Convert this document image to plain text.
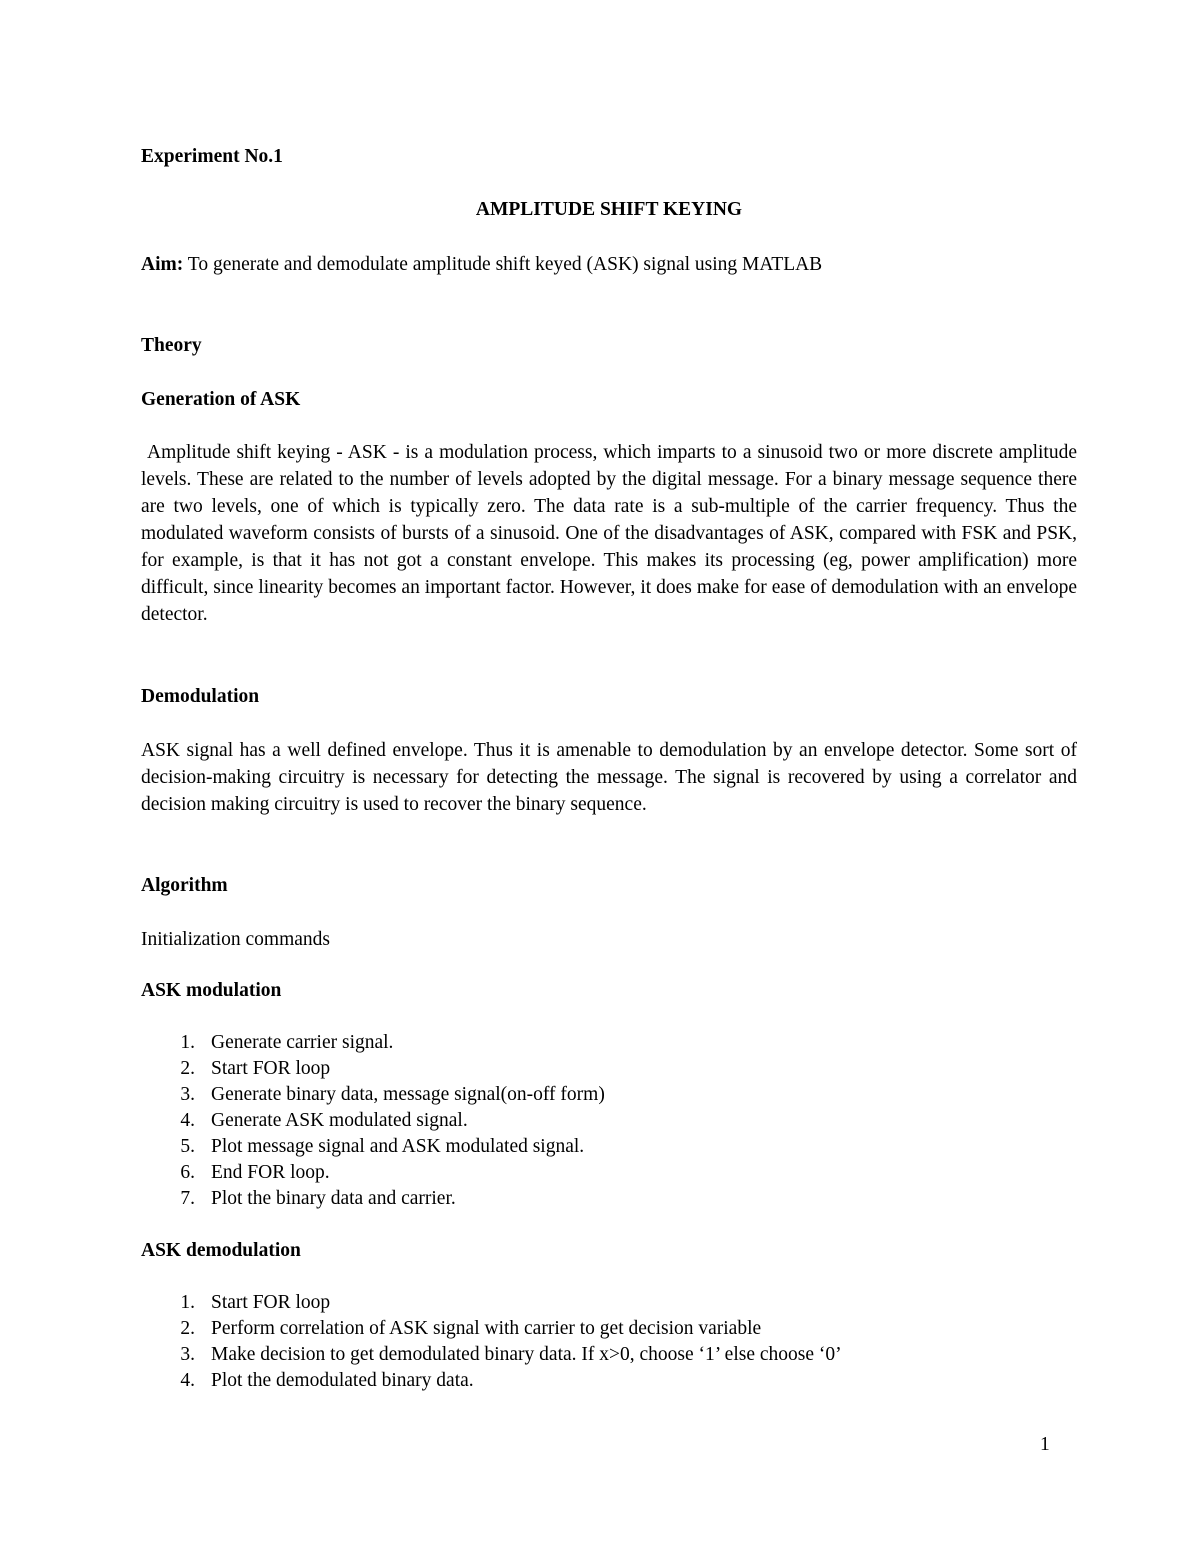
Experiment No.1
AMPLITUDE SHIFT KEYING
Aim: To generate and demodulate amplitude shift keyed (ASK) signal using MATLAB
Theory
Generation of ASK
Amplitude shift keying - ASK - is a modulation process, which imparts to a sinusoid two or more discrete amplitude levels. These are related to the number of levels adopted by the digital message. For a binary message sequence there are two levels, one of which is typically zero. The data rate is a sub-multiple of the carrier frequency. Thus the modulated waveform consists of bursts of a sinusoid. One of the disadvantages of ASK, compared with FSK and PSK, for example, is that it has not got a constant envelope. This makes its processing (eg, power amplification) more difficult, since linearity becomes an important factor. However, it does make for ease of demodulation with an envelope detector.
Demodulation
ASK signal has a well defined envelope. Thus it is amenable to demodulation by an envelope detector. Some sort of decision-making circuitry is necessary for detecting the message. The signal is recovered by using a correlator and decision making circuitry is used to recover the binary sequence.
Algorithm
Initialization commands
ASK modulation
1. Generate carrier signal.
2. Start FOR loop
3. Generate binary data, message signal(on-off form)
4. Generate ASK modulated signal.
5. Plot message signal and ASK modulated signal.
6. End FOR loop.
7. Plot the binary data and carrier.
ASK demodulation
1. Start FOR loop
2. Perform correlation of ASK signal with carrier to get decision variable
3. Make decision to get demodulated binary data. If x>0, choose ‘1’ else choose ‘0’
4. Plot the demodulated binary data.
1
